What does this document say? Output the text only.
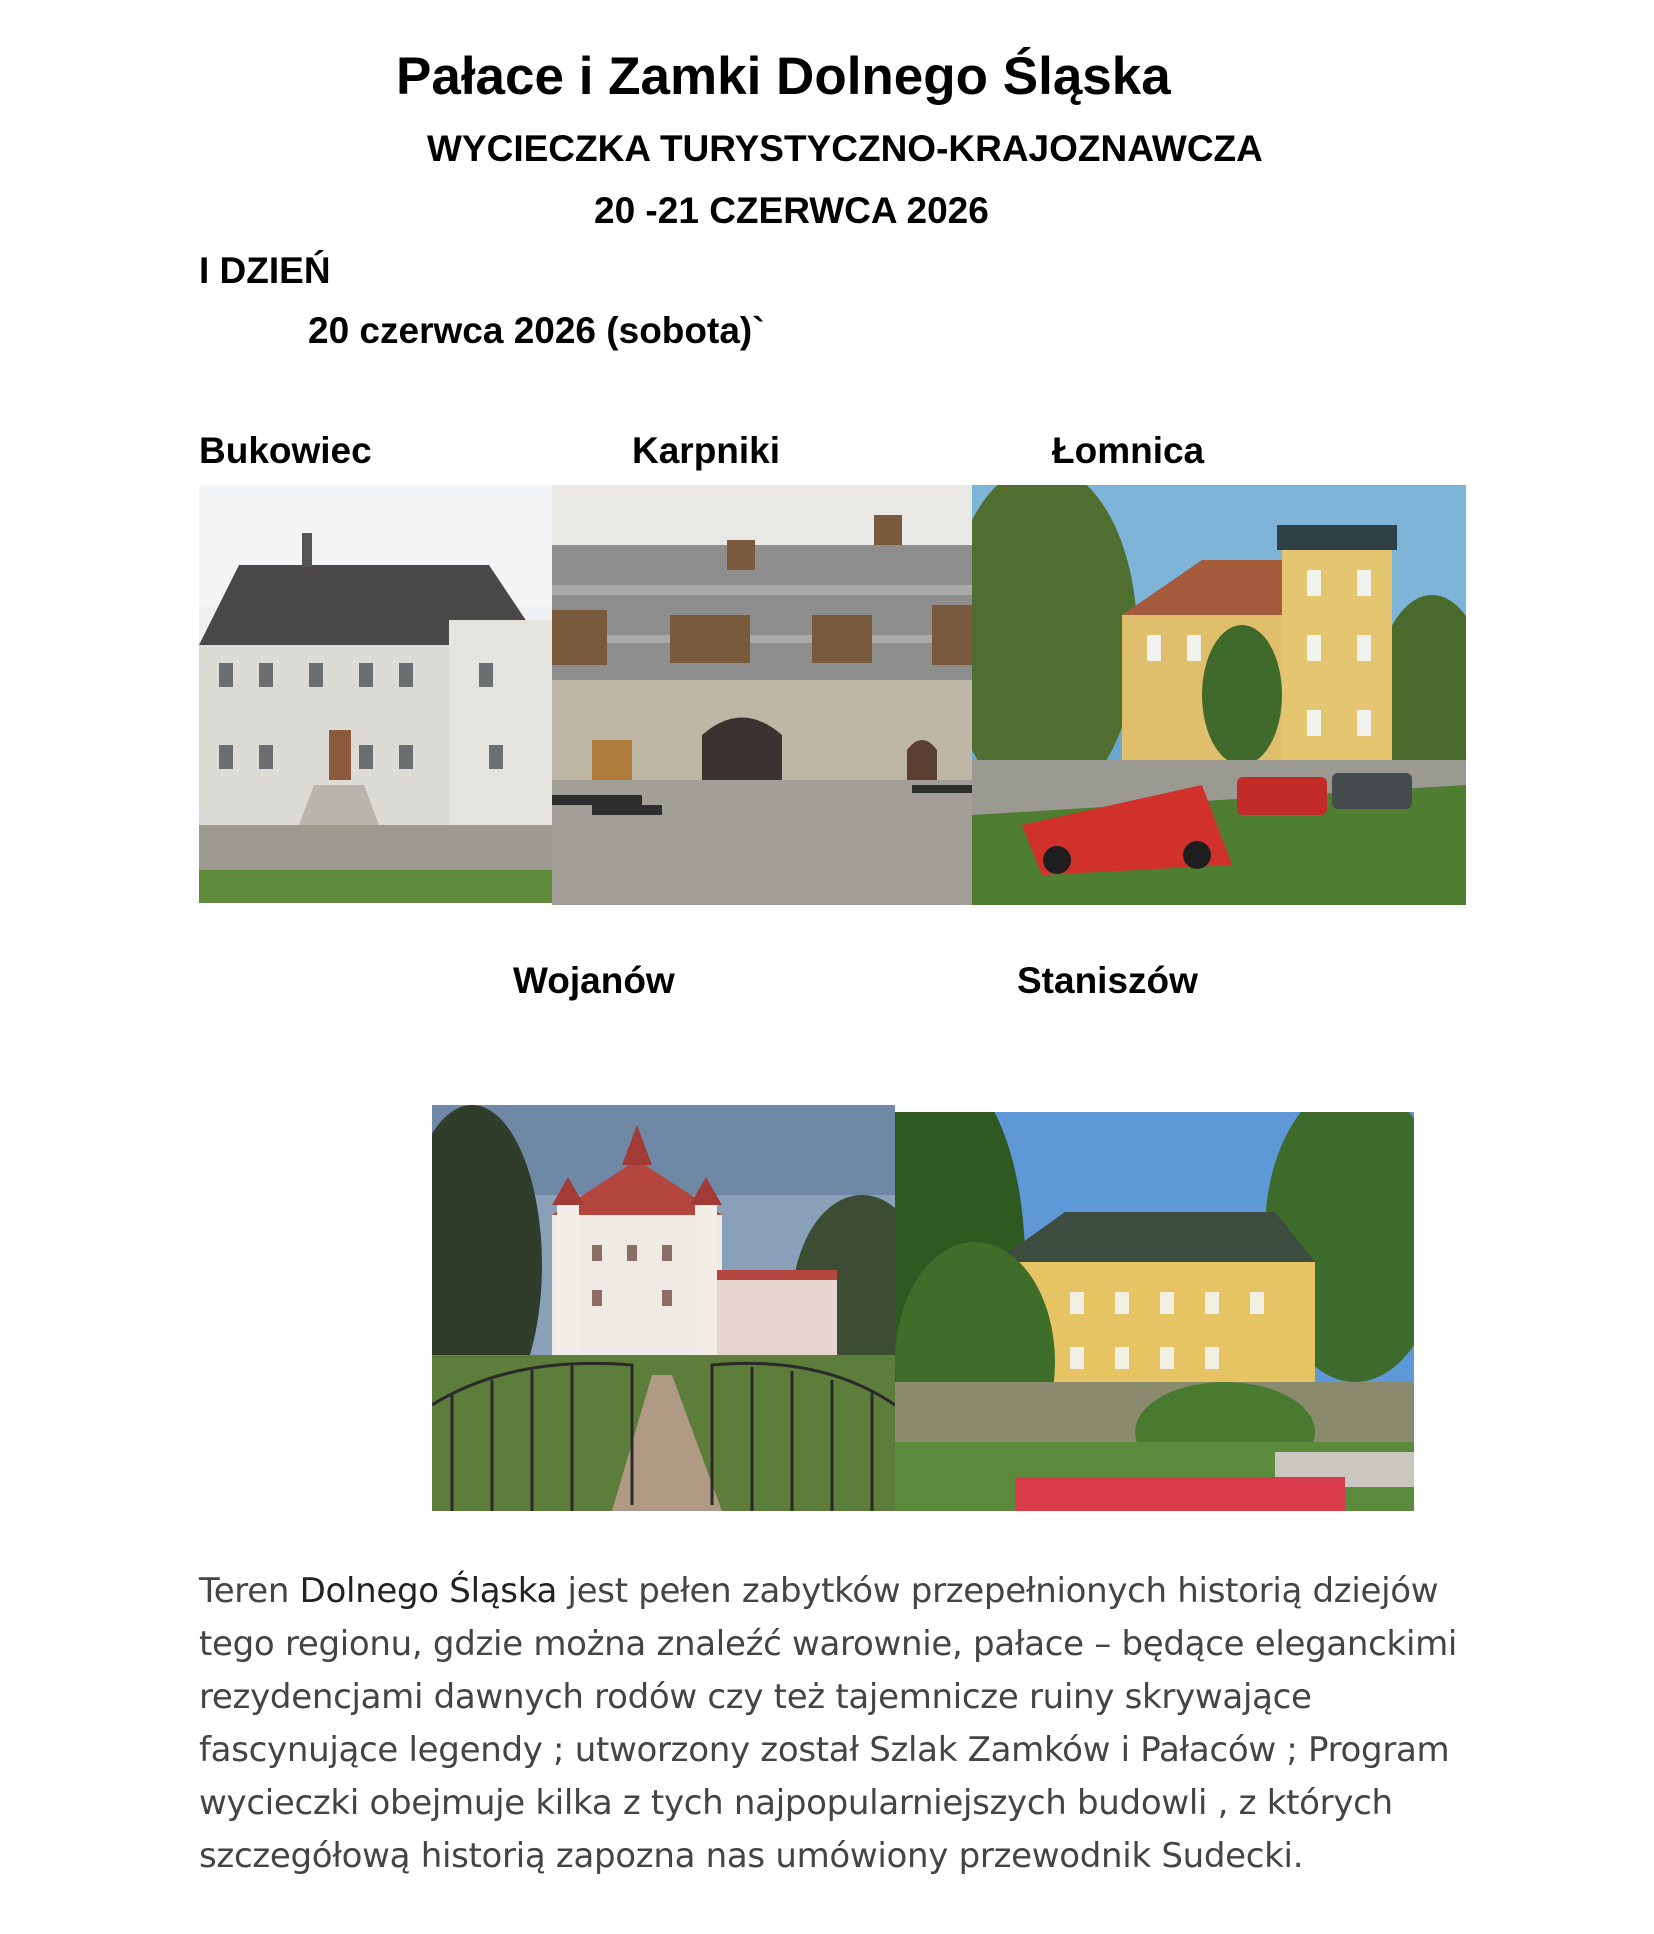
Pałace i Zamki Dolnego Śląska
WYCIECZKA TURYSTYCZNO-KRAJOZNAWCZA
20 -21 CZERWCA 2026
I DZIEŃ
20 czerwca 2026 (sobota)`
Bukowiec	Karpniki	Łomnica
Wojanów	Staniszów
Teren Dolnego Śląska jest pełen zabytków przepełnionych historią dziejów tego regionu, gdzie można znaleźć warownie, pałace – będące eleganckimi rezydencjami dawnych rodów czy też tajemnicze ruiny skrywające fascynujące legendy ; utworzony został Szlak Zamków i Pałaców ; Program wycieczki obejmuje kilka z tych najpopularniejszych budowli , z których szczegółową historią zapozna nas umówiony przewodnik Sudecki.
